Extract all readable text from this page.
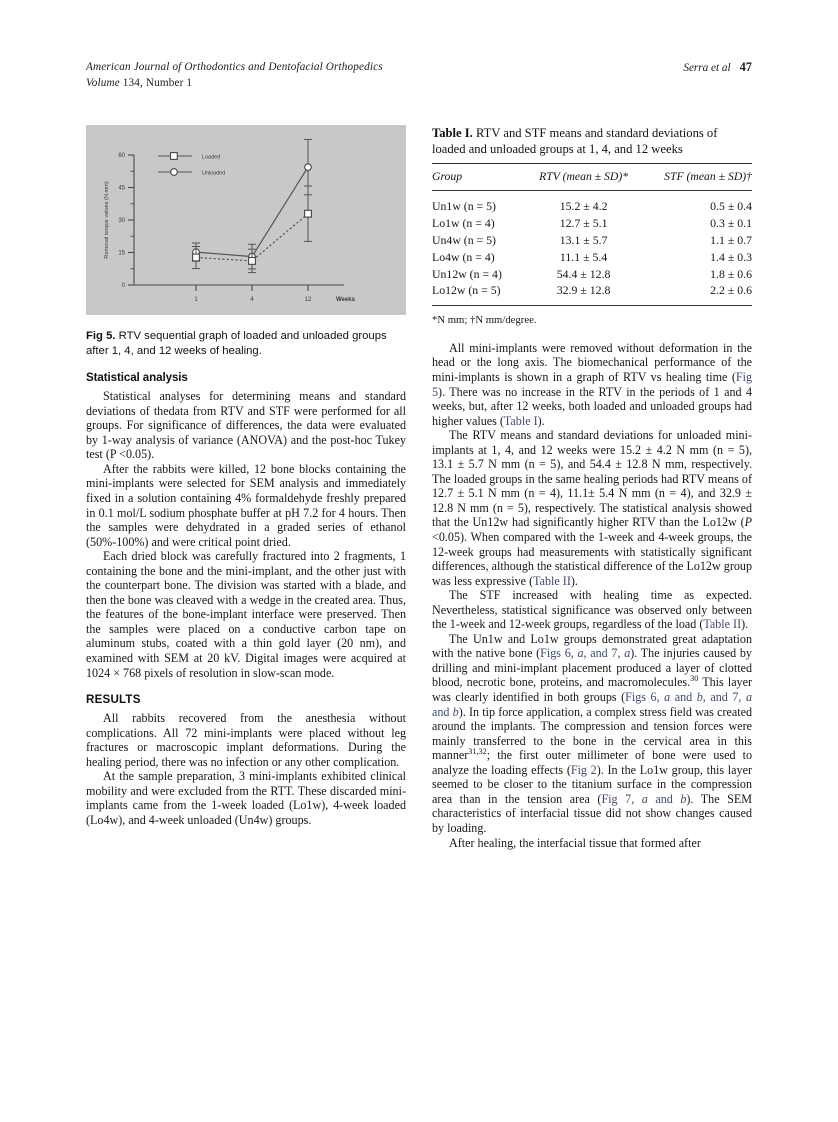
American Journal of Orthodontics and Dentofacial Orthopedics
Volume 134, Number 1
Serra et al 47
0
15
30
45
60
Removal torque values (N.mm)
1	4	12	Weeks
Loaded
Unloaded
Fig 5. RTV sequential graph of loaded and unloaded groups after 1, 4, and 12 weeks of healing.
Statistical analysis

Statistical analyses for determining means and standard deviations of thedata from RTV and STF were performed for all groups. For significance of differences, the data were evaluated by 1-way analysis of variance (ANOVA) and the post-hoc Tukey test (P <0.05).

After the rabbits were killed, 12 bone blocks containing the mini-implants were selected for SEM analysis and immediately fixed in a solution containing 4% formaldehyde freshly prepared in 0.1 mol/L sodium phosphate buffer at pH 7.2 for 4 hours. Then the samples were dehydrated in a graded series of ethanol (50%-100%) and were critical point dried.

Each dried block was carefully fractured into 2 fragments, 1 containing the bone and the mini-implant, and the other just with the counterpart bone. The division was started with a blade, and then the bone was cleaved with a wedge in the created area. Thus, the features of the bone-implant interface were preserved. Then the samples were placed on a conductive carbon tape on aluminum stubs, coated with a thin gold layer (20 nm), and examined with SEM at 20 kV. Digital images were acquired at 1024 × 768 pixels of resolution in slow-scan mode.

RESULTS

All rabbits recovered from the anesthesia without complications. All 72 mini-implants were placed without leg fractures or macroscopic implant deformations. During the healing period, there was no infection or any other complication.

At the sample preparation, 3 mini-implants exhibited clinical mobility and were excluded from the RTT. These discarded mini-implants came from the 1-week loaded (Lo1w), 4-week loaded (Lo4w), and 4-week unloaded (Un4w) groups.

Table I. RTV and STF means and standard deviations of loaded and unloaded groups at 1, 4, and 12 weeks
Group	RTV (mean ± SD)*	STF (mean ± SD)†
Un1w (n = 5)	15.2 ± 4.2	0.5 ± 0.4
Lo1w (n = 4)	12.7 ± 5.1	0.3 ± 0.1
Un4w (n = 5)	13.1 ± 5.7	1.1 ± 0.7
Lo4w (n = 4)	11.1 ± 5.4	1.4 ± 0.3
Un12w (n = 4)	54.4 ± 12.8	1.8 ± 0.6
Lo12w (n = 5)	32.9 ± 12.8	2.2 ± 0.6
*N mm; †N mm/degree.

All mini-implants were removed without deformation in the head or the long axis. The biomechanical performance of the mini-implants is shown in a graph of RTV vs healing time (Fig 5). There was no increase in the RTV in the periods of 1 and 4 weeks, but, after 12 weeks, both loaded and unloaded groups had higher values (Table I).

The RTV means and standard deviations for unloaded mini-implants at 1, 4, and 12 weeks were 15.2 ± 4.2 N mm (n = 5), 13.1 ± 5.7 N mm (n = 5), and 54.4 ± 12.8 N mm, respectively. The loaded groups in the same healing periods had RTV means of 12.7 ± 5.1 N mm (n = 4), 11.1± 5.4 N mm (n = 4), and 32.9 ± 12.8 N mm (n = 5), respectively. The statistical analysis showed that the Un12w had significantly higher RTV than the Lo12w (P <0.05). When compared with the 1-week and 4-week groups, the 12-week groups had measurements with statistically significant differences, although the statistical difference of the Lo12w group was less expressive (Table II).

The STF increased with healing time as expected. Nevertheless, statistical significance was observed only between the 1-week and 12-week groups, regardless of the load (Table II).

The Un1w and Lo1w groups demonstrated great adaptation with the native bone (Figs 6, a, and 7, a). The injuries caused by drilling and mini-implant placement produced a layer of clotted blood, necrotic bone, proteins, and macromolecules.$^{30}$ This layer was clearly identified in both groups (Figs 6, a and b, and 7, a and b). In tip force application, a complex stress field was created around the implants. The compression and tension forces were mainly transferred to the bone in the cervical area in this manner$^{31,32}$; the first outer millimeter of bone were used to analyze the loading effects (Fig 2). In the Lo1w group, this layer seemed to be closer to the titanium surface in the compression area than in the tension area (Fig 7, a and b). The SEM characteristics of interfacial tissue did not show changes caused by loading.

After healing, the interfacial tissue that formed after
